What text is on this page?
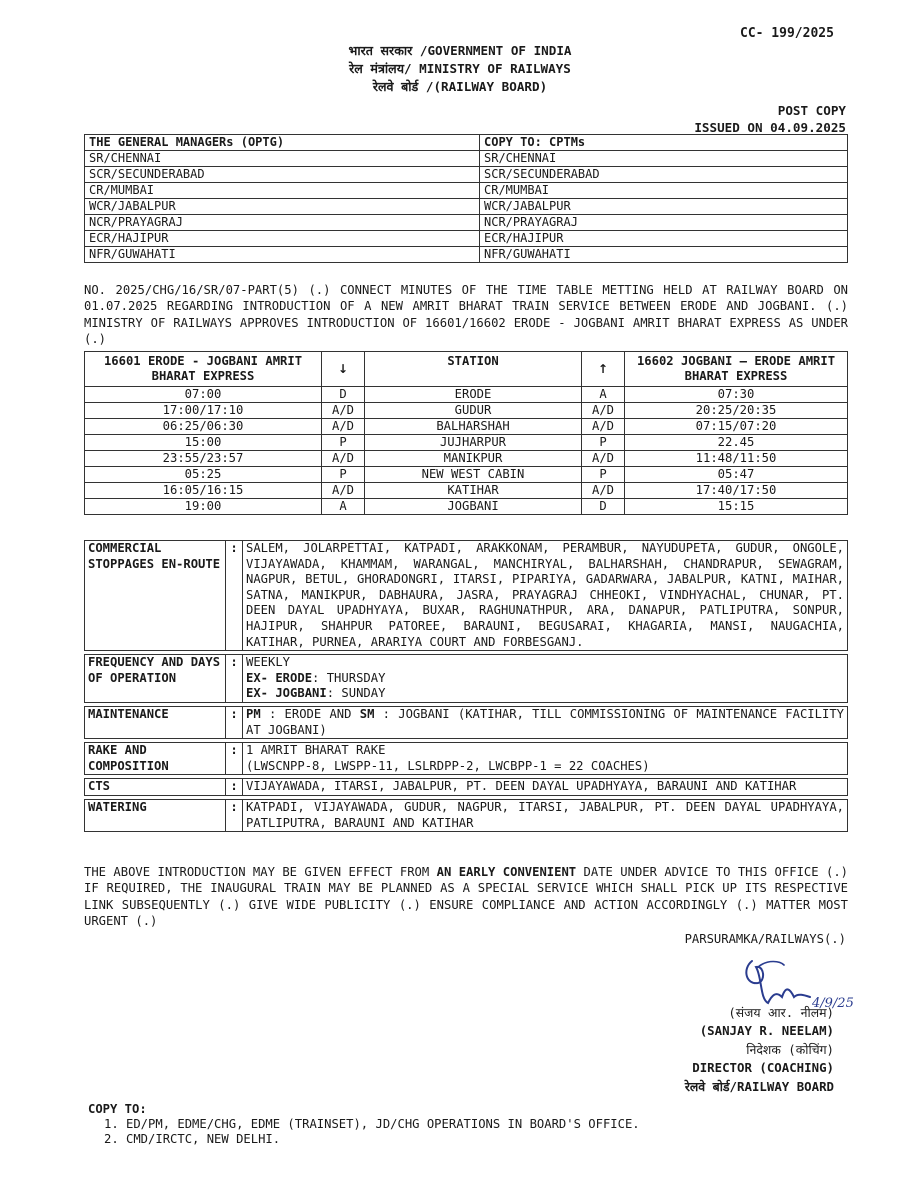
CC- 199/2025
भारत सरकार /GOVERNMENT OF INDIA
रेल मंत्रांलय/ MINISTRY OF RAILWAYS
रेलवे बोर्ड /(RAILWAY BOARD)
POST COPY
ISSUED ON 04.09.2025
THE GENERAL MANAGERs (OPTG)	COPY TO: CPTMs
SR/CHENNAI	SR/CHENNAI
SCR/SECUNDERABAD	SCR/SECUNDERABAD
CR/MUMBAI	CR/MUMBAI
WCR/JABALPUR	WCR/JABALPUR
NCR/PRAYAGRAJ	NCR/PRAYAGRAJ
ECR/HAJIPUR	ECR/HAJIPUR
NFR/GUWAHATI	NFR/GUWAHATI
NO. 2025/CHG/16/SR/07-PART(5) (.) CONNECT MINUTES OF THE TIME TABLE METTING HELD AT RAILWAY BOARD ON 01.07.2025 REGARDING INTRODUCTION OF A NEW AMRIT BHARAT TRAIN SERVICE BETWEEN ERODE AND JOGBANI. (.) MINISTRY OF RAILWAYS APPROVES INTRODUCTION OF 16601/16602 ERODE - JOGBANI AMRIT BHARAT EXPRESS AS UNDER (.)
16601 ERODE - JOGBANI AMRIT BHARAT EXPRESS	↓	STATION	↑	16602 JOGBANI – ERODE AMRIT BHARAT EXPRESS
07:00	D	ERODE	A	07:30
17:00/17:10	A/D	GUDUR	A/D	20:25/20:35
06:25/06:30	A/D	BALHARSHAH	A/D	07:15/07:20
15:00	P	JUJHARPUR	P	22.45
23:55/23:57	A/D	MANIKPUR	A/D	11:48/11:50
05:25	P	NEW WEST CABIN	P	05:47
16:05/16:15	A/D	KATIHAR	A/D	17:40/17:50
19:00	A	JOGBANI	D	15:15
COMMERCIAL STOPPAGES EN-ROUTE	:	SALEM, JOLARPETTAI, KATPADI, ARAKKONAM, PERAMBUR, NAYUDUPETA, GUDUR, ONGOLE, VIJAYAWADA, KHAMMAM, WARANGAL, MANCHIRYAL, BALHARSHAH, CHANDRAPUR, SEWAGRAM, NAGPUR, BETUL, GHORADONGRI, ITARSI, PIPARIYA, GADARWARA, JABALPUR, KATNI, MAIHAR, SATNA, MANIKPUR, DABHAURA, JASRA, PRAYAGRAJ CHHEOKI, VINDHYACHAL, CHUNAR, PT. DEEN DAYAL UPADHYAYA, BUXAR, RAGHUNATHPUR, ARA, DANAPUR, PATLIPUTRA, SONPUR, HAJIPUR, SHAHPUR PATOREE, BARAUNI, BEGUSARAI, KHAGARIA, MANSI, NAUGACHIA, KATIHAR, PURNEA, ARARIYA COURT AND FORBESGANJ.

FREQUENCY AND DAYS OF OPERATION	:	WEEKLY
EX- ERODE: THURSDAY
EX- JOGBANI: SUNDAY

MAINTENANCE	:	PM : ERODE AND SM : JOGBANI (KATIHAR, TILL COMMISSIONING OF MAINTENANCE FACILITY AT JOGBANI)

RAKE AND COMPOSITION	:	1 AMRIT BHARAT RAKE
(LWSCNPP-8, LWSPP-11, LSLRDPP-2, LWCBPP-1 = 22 COACHES)

CTS	:	VIJAYAWADA, ITARSI, JABALPUR, PT. DEEN DAYAL UPADHYAYA, BARAUNI AND KATIHAR

WATERING	:	KATPADI, VIJAYAWADA, GUDUR, NAGPUR, ITARSI, JABALPUR, PT. DEEN DAYAL UPADHYAYA, PATLIPUTRA, BARAUNI AND KATIHAR
THE ABOVE INTRODUCTION MAY BE GIVEN EFFECT FROM AN EARLY CONVENIENT DATE UNDER ADVICE TO THIS OFFICE (.) IF REQUIRED, THE INAUGURAL TRAIN MAY BE PLANNED AS A SPECIAL SERVICE WHICH SHALL PICK UP ITS RESPECTIVE LINK SUBSEQUENTLY (.) GIVE WIDE PUBLICITY (.) ENSURE COMPLIANCE AND ACTION ACCORDINGLY (.) MATTER MOST URGENT (.)
PARSURAMKA/RAILWAYS(.)
4/9/25
(संजय आर. नीलम)
(SANJAY R. NEELAM)
निदेशक (कोचिंग)
DIRECTOR (COACHING)
रेलवे बोर्ड/RAILWAY BOARD
COPY TO:
1. ED/PM, EDME/CHG, EDME (TRAINSET), JD/CHG OPERATIONS IN BOARD'S OFFICE.
2. CMD/IRCTC, NEW DELHI.
